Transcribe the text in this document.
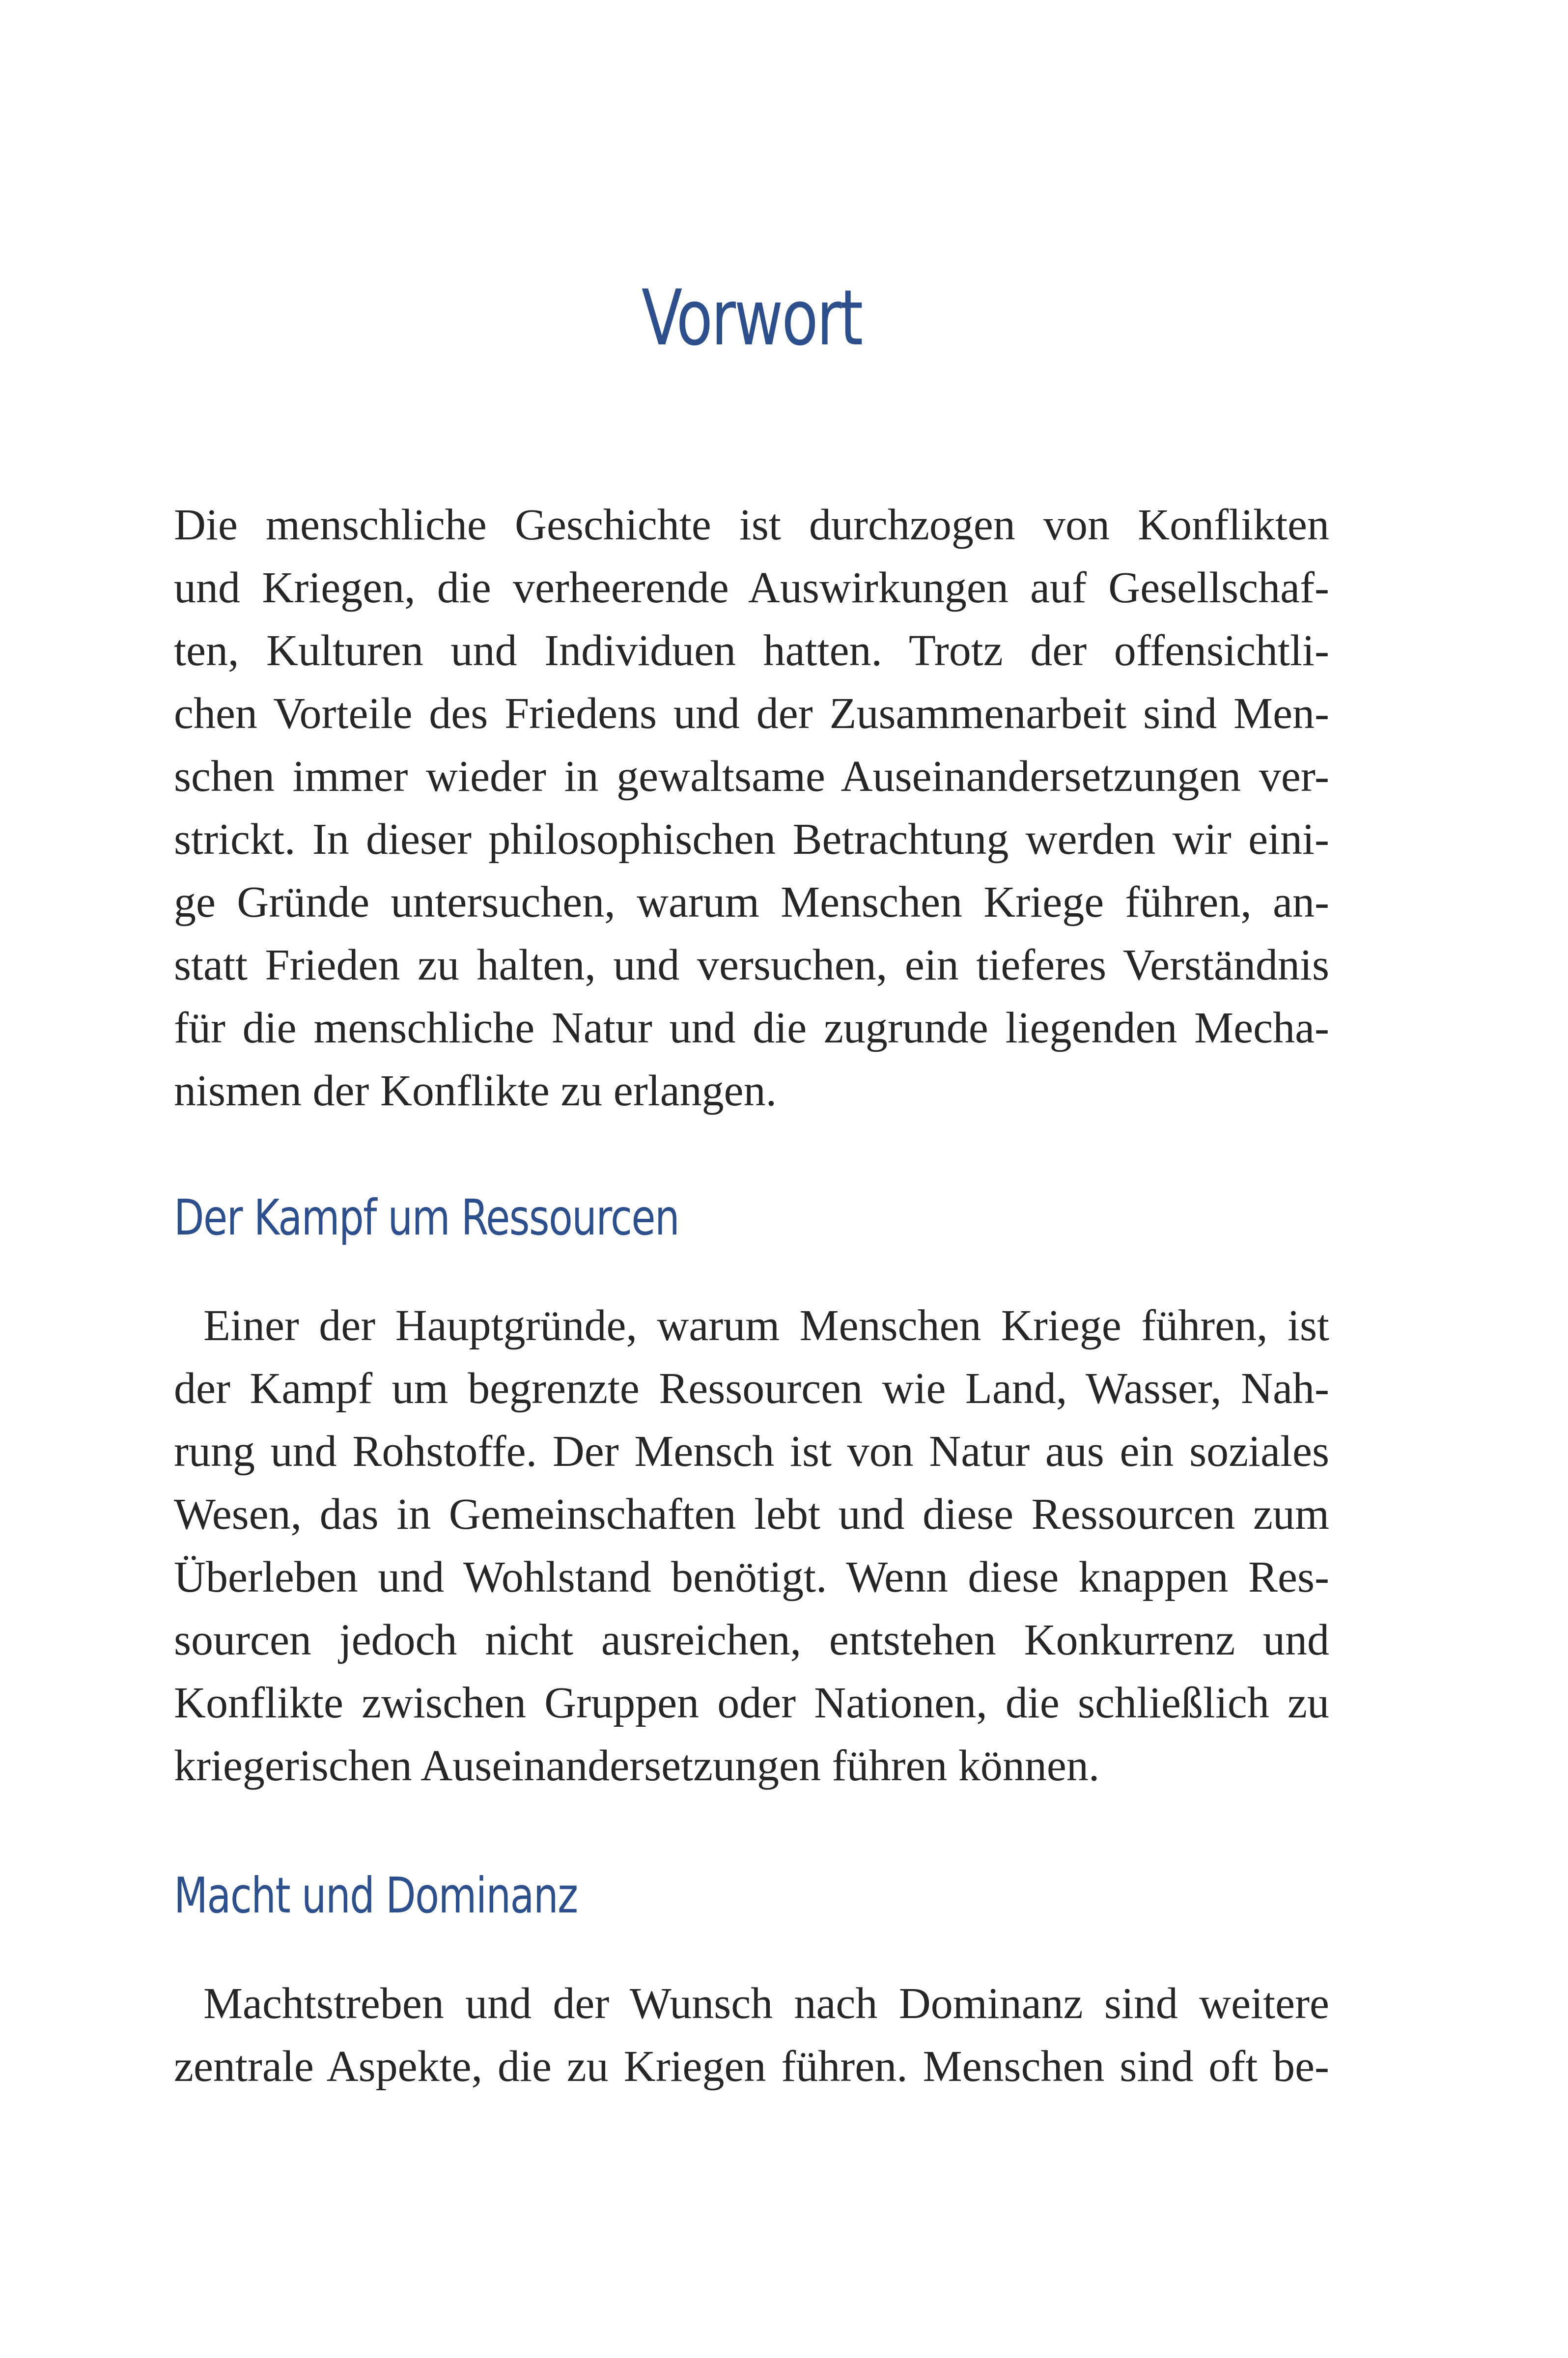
Vorwort

Die menschliche Geschichte ist durchzogen von Konflikten
und Kriegen, die verheerende Auswirkungen auf Gesellschaf-
ten, Kulturen und Individuen hatten. Trotz der offensichtli-
chen Vorteile des Friedens und der Zusammenarbeit sind Men-
schen immer wieder in gewaltsame Auseinandersetzungen ver-
strickt. In dieser philosophischen Betrachtung werden wir eini-
ge Gründe untersuchen, warum Menschen Kriege führen, an-
statt Frieden zu halten, und versuchen, ein tieferes Verständnis
für die menschliche Natur und die zugrunde liegenden Mecha-
nismen der Konflikte zu erlangen.

Der Kampf um Ressourcen

Einer der Hauptgründe, warum Menschen Kriege führen, ist
der Kampf um begrenzte Ressourcen wie Land, Wasser, Nah-
rung und Rohstoffe. Der Mensch ist von Natur aus ein soziales
Wesen, das in Gemeinschaften lebt und diese Ressourcen zum
Überleben und Wohlstand benötigt. Wenn diese knappen Res-
sourcen jedoch nicht ausreichen, entstehen Konkurrenz und
Konflikte zwischen Gruppen oder Nationen, die schließlich zu
kriegerischen Auseinandersetzungen führen können.

Macht und Dominanz

Machtstreben und der Wunsch nach Dominanz sind weitere
zentrale Aspekte, die zu Kriegen führen. Menschen sind oft be-
